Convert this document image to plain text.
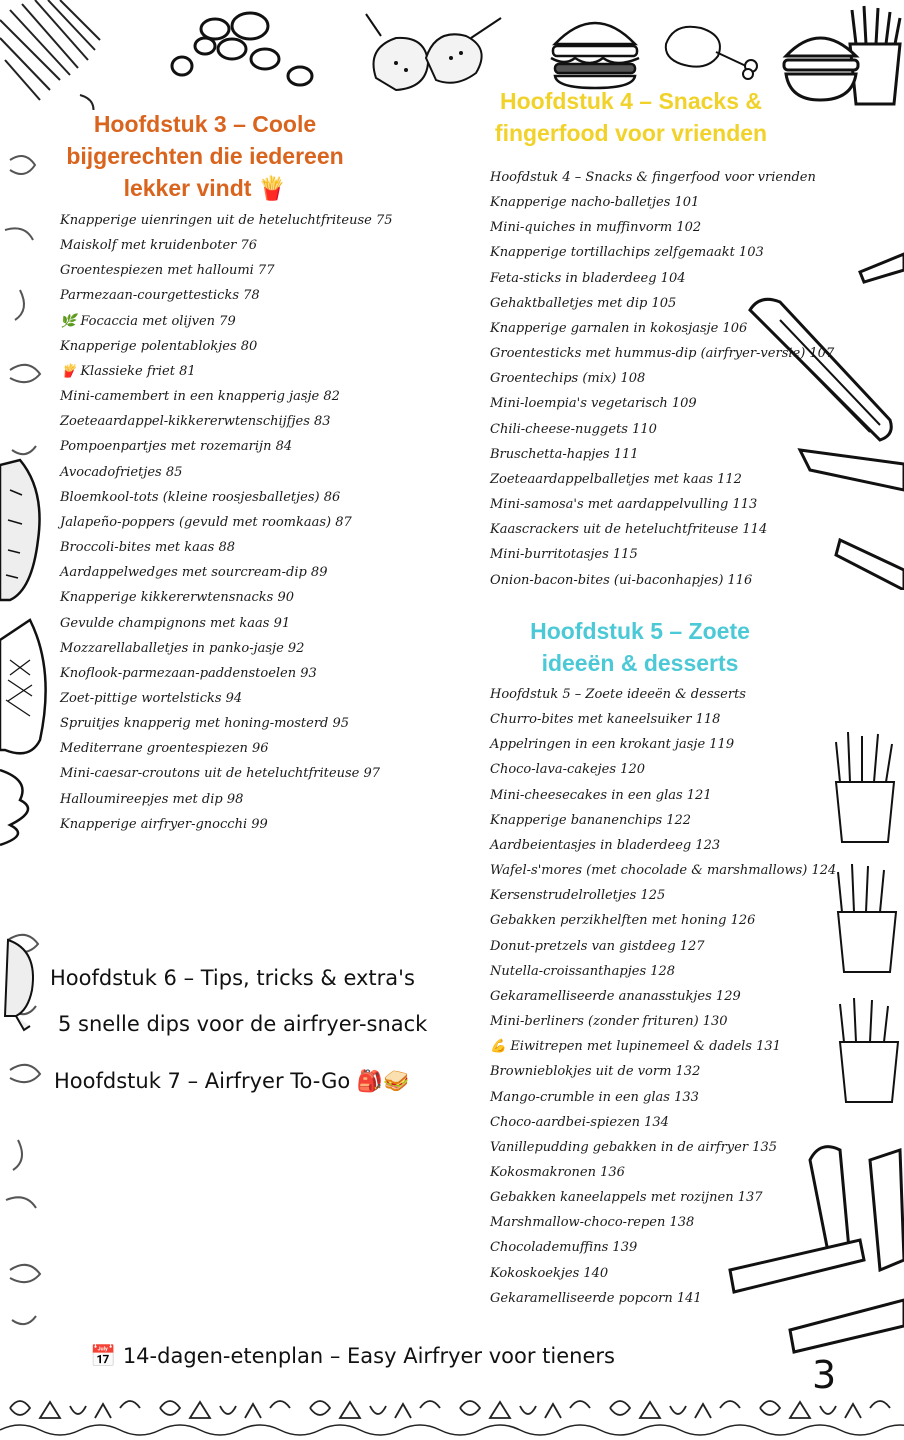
Hoofdstuk 3 – Coole bijgerechten die iedereen lekker vindt 🍟
Knapperige uienringen uit de heteluchtfriteuse 75
Maiskolf met kruidenboter 76
Groentespiezen met halloumi 77
Parmezaan-courgettesticks 78
🌿 Focaccia met olijven 79
Knapperige polentablokjes 80
🍟 Klassieke friet 81
Mini-camembert in een knapperig jasje 82
Zoeteaardappel-kikkererwtenschijfjes 83
Pompoenpartjes met rozemarijn 84
Avocadofrietjes 85
Bloemkool-tots (kleine roosjesballetjes) 86
Jalapeño-poppers (gevuld met roomkaas) 87
Broccoli-bites met kaas 88
Aardappelwedges met sourcream-dip 89
Knapperige kikkererwtensnacks 90
Gevulde champignons met kaas 91
Mozzarellaballetjes in panko-jasje 92
Knoflook-parmezaan-paddenstoelen 93
Zoet-pittige wortelsticks 94
Spruitjes knapperig met honing-mosterd 95
Mediterrane groentespiezen 96
Mini-caesar-croutons uit de heteluchtfriteuse 97
Halloumireepjes met dip 98
Knapperige airfryer-gnocchi 99
Hoofdstuk 4 – Snacks & fingerfood voor vrienden
Hoofdstuk 4 – Snacks & fingerfood voor vrienden
Knapperige nacho-balletjes 101
Mini-quiches in muffinvorm 102
Knapperige tortillachips zelfgemaakt 103
Feta-sticks in bladerdeeg 104
Gehaktballetjes met dip 105
Knapperige garnalen in kokosjasje 106
Groentesticks met hummus-dip (airfryer-versie) 107
Groentechips (mix) 108
Mini-loempia's vegetarisch 109
Chili-cheese-nuggets 110
Bruschetta-hapjes 111
Zoeteaardappelballetjes met kaas 112
Mini-samosa's met aardappelvulling 113
Kaascrackers uit de heteluchtfriteuse 114
Mini-burritotasjes 115
Onion-bacon-bites (ui-baconhapjes) 116
Hoofdstuk 5 – Zoete ideeën & desserts
Hoofdstuk 5 – Zoete ideeën & desserts
Churro-bites met kaneelsuiker 118
Appelringen in een krokant jasje 119
Choco-lava-cakejes 120
Mini-cheesecakes in een glas 121
Knapperige bananenchips 122
Aardbeientasjes in bladerdeeg 123
Wafel-s'mores (met chocolade & marshmallows) 124
Kersenstrudelrolletjes 125
Gebakken perzikhelften met honing 126
Donut-pretzels van gistdeeg 127
Nutella-croissanthapjes 128
Gekaramelliseerde ananasstukjes 129
Mini-berliners (zonder frituren) 130
💪 Eiwitrepen met lupinemeel & dadels 131
Brownieblokjes uit de vorm 132
Mango-crumble in een glas 133
Choco-aardbei-spiezen 134
Vanillepudding gebakken in de airfryer 135
Kokosmakronen 136
Gebakken kaneelappels met rozijnen 137
Marshmallow-choco-repen 138
Chocolademuffins 139
Kokoskoekjes 140
Gekaramelliseerde popcorn 141
Hoofdstuk 6 – Tips, tricks & extra's
5 snelle dips voor de airfryer-snack
Hoofdstuk 7 – Airfryer To-Go 🎒🥪
📅 14-dagen-etenplan – Easy Airfryer voor tieners	3
